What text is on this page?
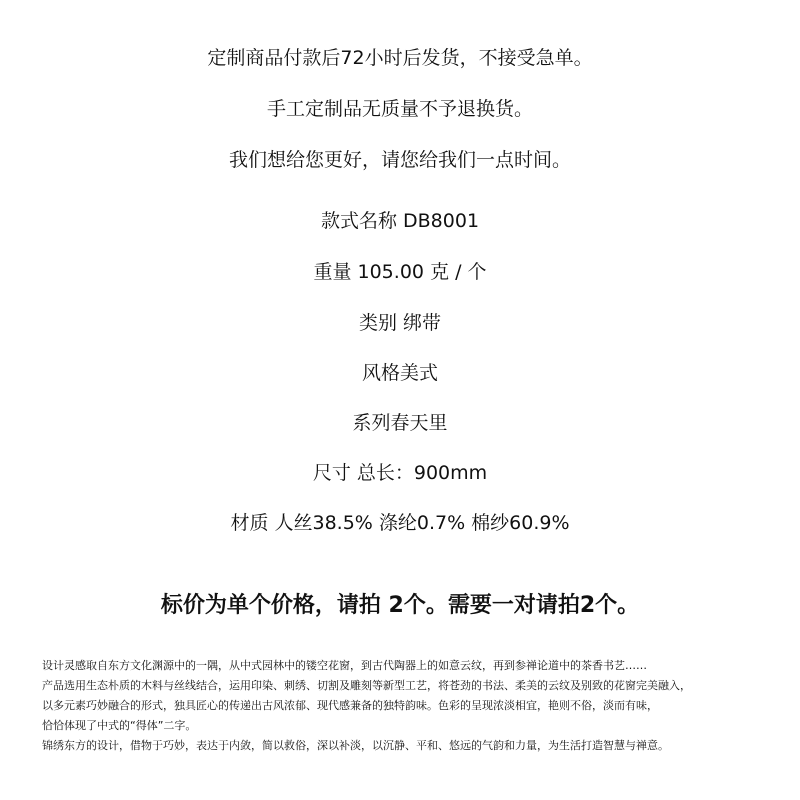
定制商品付款后72小时后发货，不接受急单。
手工定制品无质量不予退换货。
我们想给您更好，请您给我们一点时间。
款式名称 DB8001
重量 105.00 克 / 个
类别 绑带
风格美式
系列春天里
尺寸 总长：900mm
材质 人丝38.5% 涤纶0.7% 棉纱60.9%
标价为单个价格，请拍 2个。需要一对请拍2个。
设计灵感取自东方文化渊源中的一隅，从中式园林中的镂空花窗，到古代陶器上的如意云纹，再到参禅论道中的茶香书艺……
产品选用生态朴质的木料与丝线结合，运用印染、刺绣、切割及雕刻等新型工艺，将苍劲的书法、柔美的云纹及别致的花窗完美融入，
以多元素巧妙融合的形式，独具匠心的传递出古风浓郁、现代感兼备的独特韵味。色彩的呈现浓淡相宜，艳则不俗，淡而有味，
恰恰体现了中式的“得体”二字。
锦绣东方的设计，借物于巧妙，表达于内敛，简以救俗，深以补淡，以沉静、平和、悠远的气韵和力量，为生活打造智慧与禅意。
